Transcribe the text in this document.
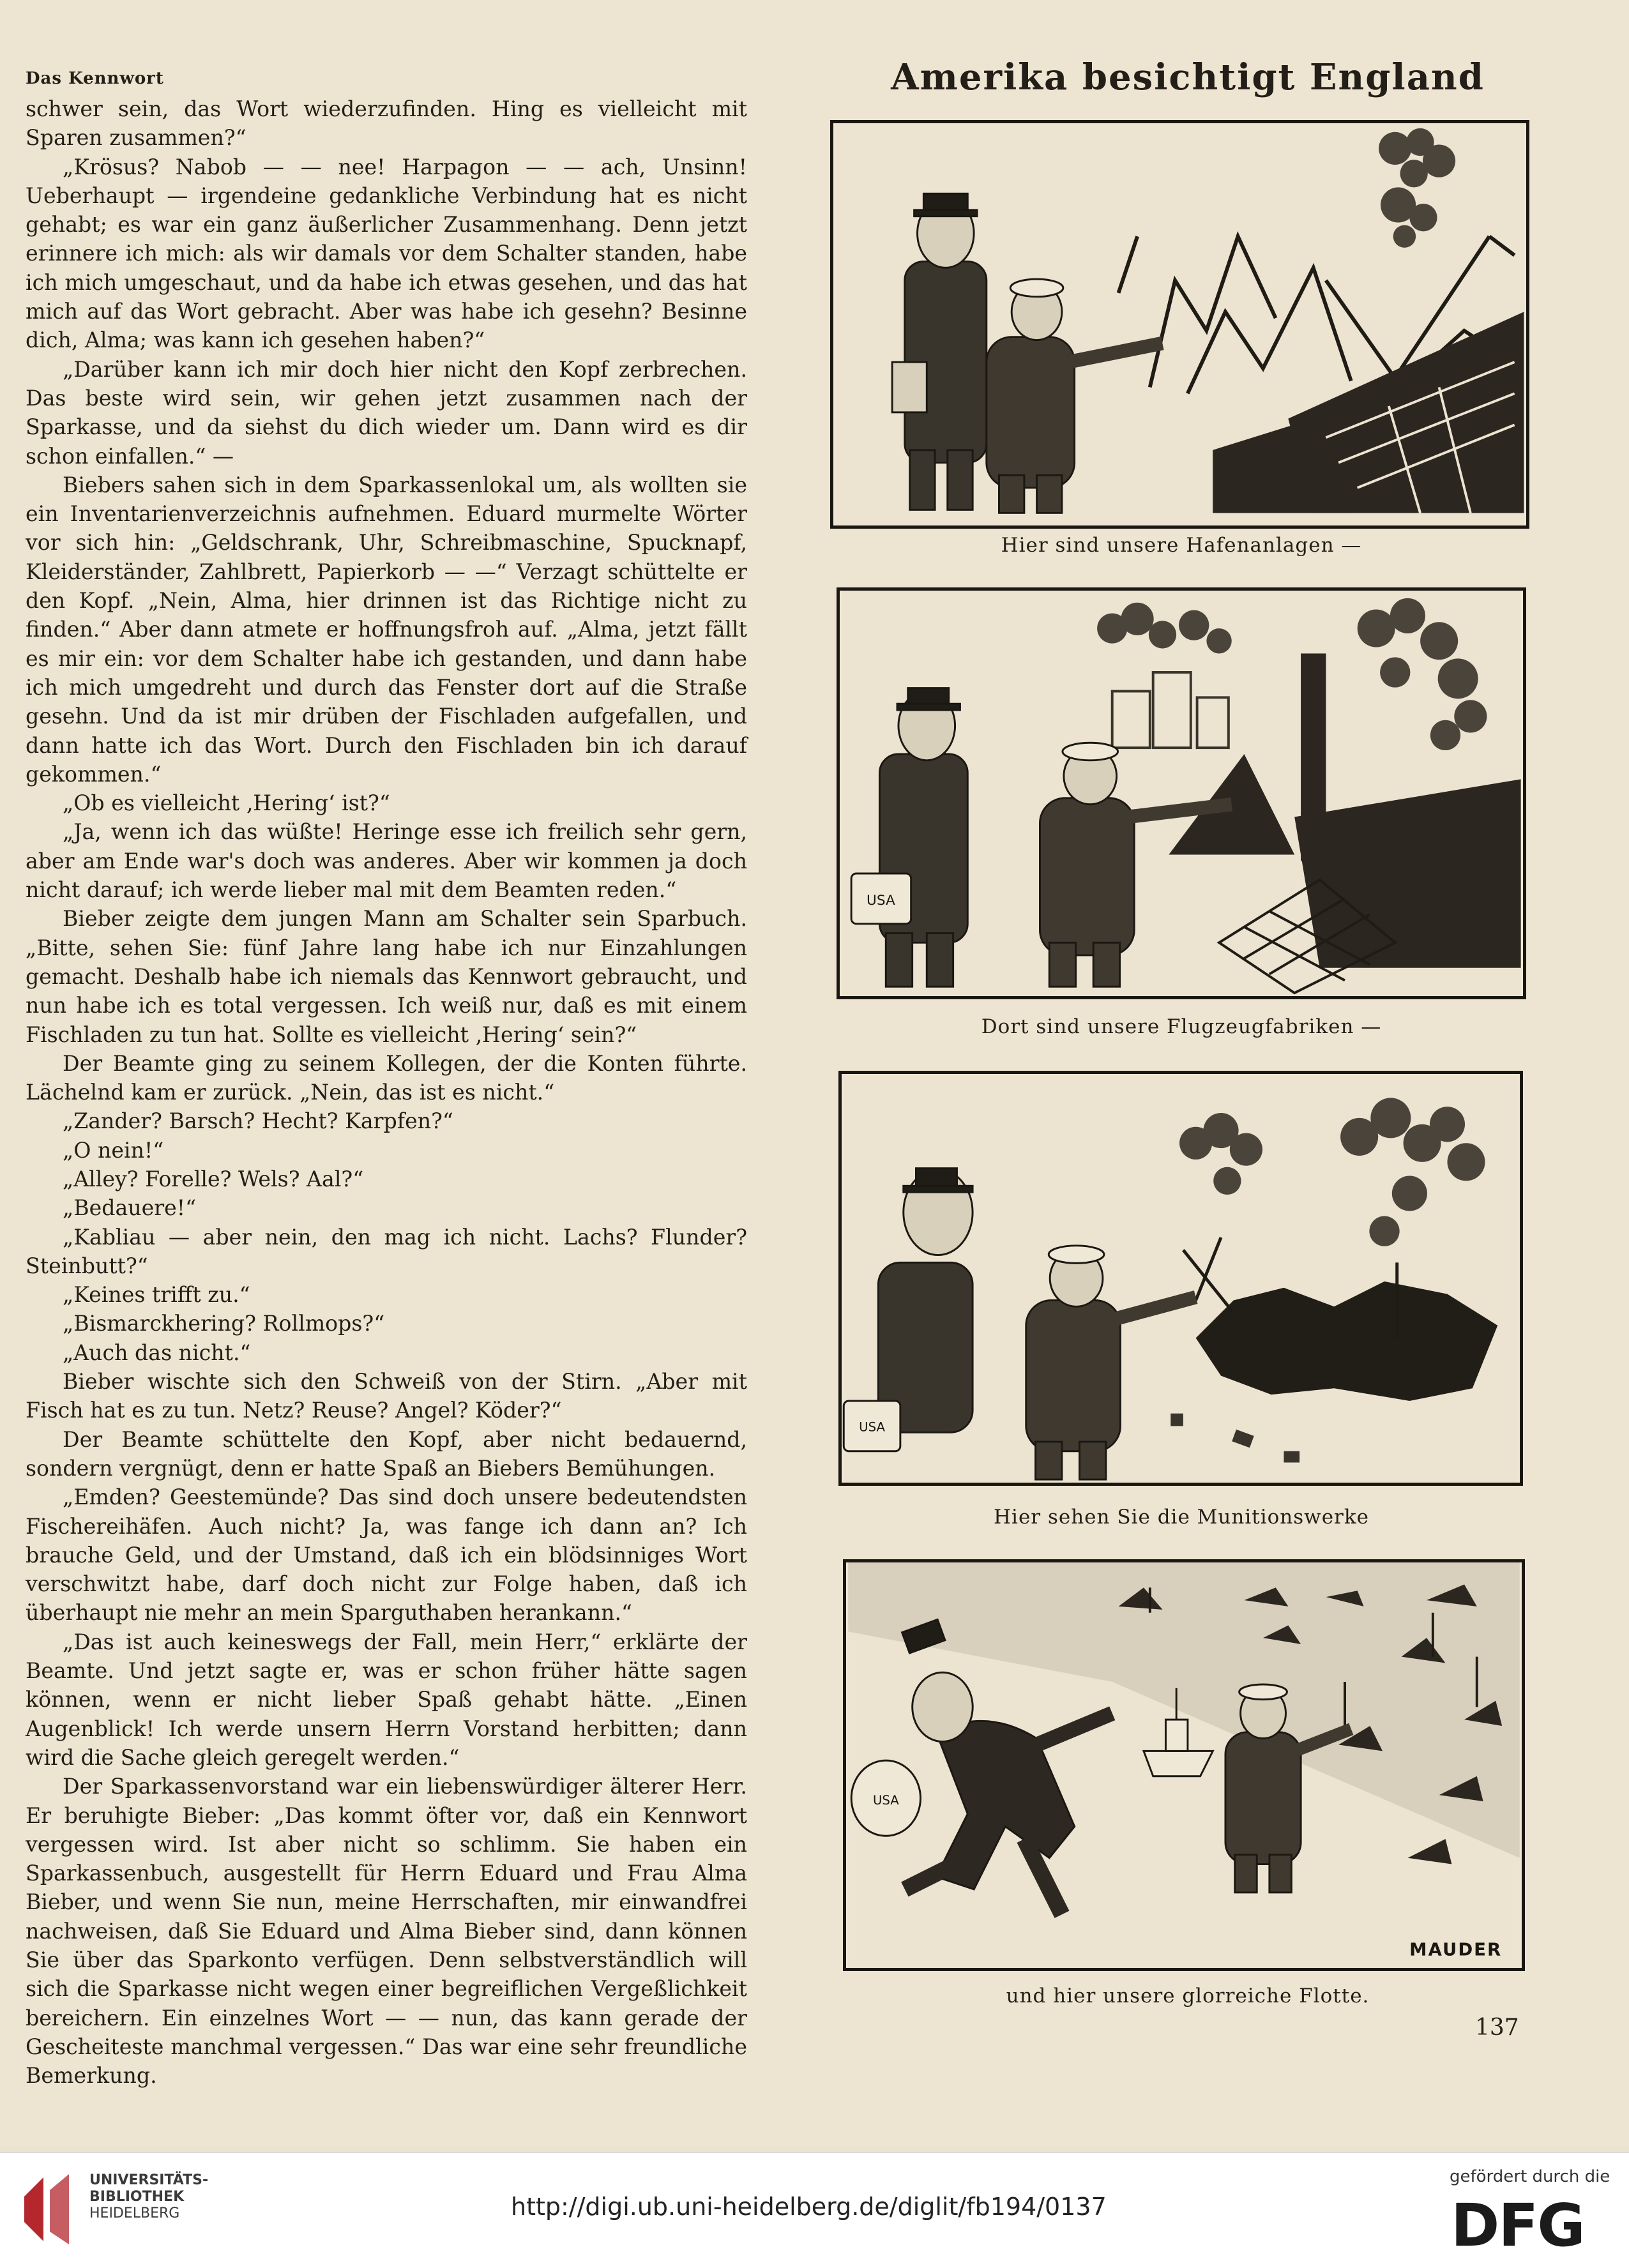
Das Kennwort

schwer sein, das Wort wiederzufinden. Hing es vielleicht mit Sparen zusammen?“

„Krösus? Nabob — — nee! Harpagon — — ach, Unsinn! Ueberhaupt — irgendeine gedankliche Verbindung hat es nicht gehabt; es war ein ganz äußerlicher Zusammenhang. Denn jetzt erinnere ich mich: als wir damals vor dem Schalter standen, habe ich mich umgeschaut, und da habe ich etwas gesehen, und das hat mich auf das Wort gebracht. Aber was habe ich gesehn? Besinne dich, Alma; was kann ich gesehen haben?“

„Darüber kann ich mir doch hier nicht den Kopf zerbrechen. Das beste wird sein, wir gehen jetzt zusammen nach der Sparkasse, und da siehst du dich wieder um. Dann wird es dir schon einfallen.“ —

Biebers sahen sich in dem Sparkassenlokal um, als wollten sie ein Inventarienverzeichnis aufnehmen. Eduard murmelte Wörter vor sich hin: „Geldschrank, Uhr, Schreibmaschine, Spucknapf, Kleiderständer, Zahlbrett, Papierkorb — —“ Verzagt schüttelte er den Kopf. „Nein, Alma, hier drinnen ist das Richtige nicht zu finden.“ Aber dann atmete er hoffnungsfroh auf. „Alma, jetzt fällt es mir ein: vor dem Schalter habe ich gestanden, und dann habe ich mich umgedreht und durch das Fenster dort auf die Straße gesehn. Und da ist mir drüben der Fischladen aufgefallen, und dann hatte ich das Wort. Durch den Fischladen bin ich darauf gekommen.“

„Ob es vielleicht ‚Hering‘ ist?“

„Ja, wenn ich das wüßte! Heringe esse ich freilich sehr gern, aber am Ende war's doch was anderes. Aber wir kommen ja doch nicht darauf; ich werde lieber mal mit dem Beamten reden.“

Bieber zeigte dem jungen Mann am Schalter sein Sparbuch. „Bitte, sehen Sie: fünf Jahre lang habe ich nur Einzahlungen gemacht. Deshalb habe ich niemals das Kennwort gebraucht, und nun habe ich es total vergessen. Ich weiß nur, daß es mit einem Fischladen zu tun hat. Sollte es vielleicht ‚Hering‘ sein?“

Der Beamte ging zu seinem Kollegen, der die Konten führte. Lächelnd kam er zurück. „Nein, das ist es nicht.“

„Zander? Barsch? Hecht? Karpfen?“

„O nein!“

„Alley? Forelle? Wels? Aal?“

„Bedauere!“

„Kabliau — aber nein, den mag ich nicht. Lachs? Flunder? Steinbutt?“

„Keines trifft zu.“

„Bismarckhering? Rollmops?“

„Auch das nicht.“

Bieber wischte sich den Schweiß von der Stirn. „Aber mit Fisch hat es zu tun. Netz? Reuse? Angel? Köder?“

Der Beamte schüttelte den Kopf, aber nicht bedauernd, sondern vergnügt, denn er hatte Spaß an Biebers Bemühungen.

„Emden? Geestemünde? Das sind doch unsere bedeutendsten Fischereihäfen. Auch nicht? Ja, was fange ich dann an? Ich brauche Geld, und der Umstand, daß ich ein blödsinniges Wort verschwitzt habe, darf doch nicht zur Folge haben, daß ich überhaupt nie mehr an mein Sparguthaben herankann.“

„Das ist auch keineswegs der Fall, mein Herr,“ erklärte der Beamte. Und jetzt sagte er, was er schon früher hätte sagen können, wenn er nicht lieber Spaß gehabt hätte. „Einen Augenblick! Ich werde unsern Herrn Vorstand herbitten; dann wird die Sache gleich geregelt werden.“

Der Sparkassenvorstand war ein liebenswürdiger älterer Herr. Er beruhigte Bieber: „Das kommt öfter vor, daß ein Kennwort vergessen wird. Ist aber nicht so schlimm. Sie haben ein Sparkassenbuch, ausgestellt für Herrn Eduard und Frau Alma Bieber, und wenn Sie nun, meine Herrschaften, mir einwandfrei nachweisen, daß Sie Eduard und Alma Bieber sind, dann können Sie über das Sparkonto verfügen. Denn selbstverständlich will sich die Sparkasse nicht wegen einer begreiflichen Vergeßlichkeit bereichern. Ein einzelnes Wort — — nun, das kann gerade der Gescheiteste manchmal vergessen.“ Das war eine sehr freundliche Bemerkung.

Amerika besichtigt England
Hier sind unsere Hafenanlagen —
USA
Dort sind unsere Flugzeugfabriken —
USA
Hier sehen Sie die Munitionswerke
USA
MAUDER
und hier unsere glorreiche Flotte.
137
UNIVERSITÄTS-
BIBLIOTHEK
HEIDELBERG	http://digi.ub.uni-heidelberg.de/diglit/fb194/0137
gefördert durch die
DFG
